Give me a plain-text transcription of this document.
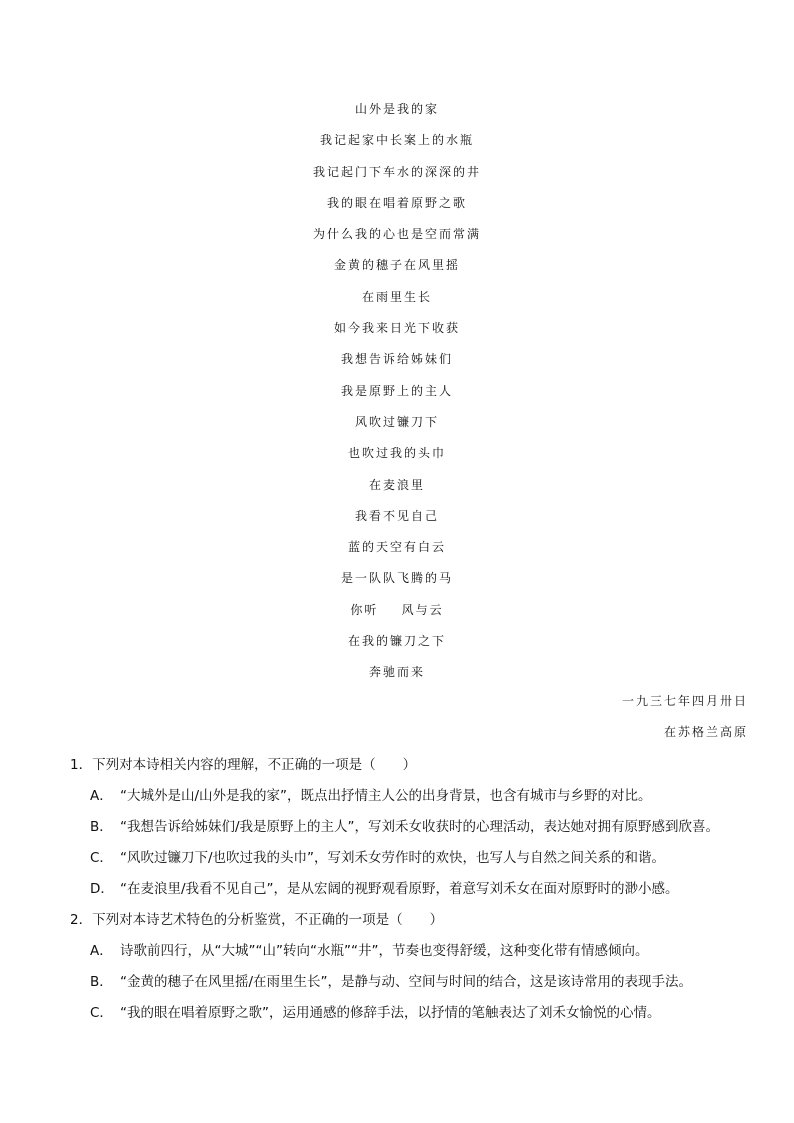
山外是我的家
我记起家中长案上的水瓶
我记起门下车水的深深的井
我的眼在唱着原野之歌
为什么我的心也是空而常满
金黄的穗子在风里摇
在雨里生长
如今我来日光下收获
我想告诉给姊妹们
我是原野上的主人
风吹过镰刀下
也吹过我的头巾
在麦浪里
我看不见自己
蓝的天空有白云
是一队队飞腾的马
你听    风与云
在我的镰刀之下
奔驰而来
一九三七年四月卅日
在苏格兰高原
1．下列对本诗相关内容的理解，不正确的一项是（　　）
A． “大城外是山/山外是我的家”，既点出抒情主人公的出身背景，也含有城市与乡野的对比。
B． “我想告诉给姊妹们/我是原野上的主人”，写刘禾女收获时的心理活动，表达她对拥有原野感到欣喜。
C． “风吹过镰刀下/也吹过我的头巾”，写刘禾女劳作时的欢快，也写人与自然之间关系的和谐。
D． “在麦浪里/我看不见自己”，是从宏阔的视野观看原野，着意写刘禾女在面对原野时的渺小感。
2．下列对本诗艺术特色的分析鉴赏，不正确的一项是（　　）
A． 诗歌前四行，从“大城”“山”转向“水瓶”“井”，节奏也变得舒缓，这种变化带有情感倾向。
B． “金黄的穗子在风里摇/在雨里生长”，是静与动、空间与时间的结合，这是该诗常用的表现手法。
C． “我的眼在唱着原野之歌”，运用通感的修辞手法，以抒情的笔触表达了刘禾女愉悦的心情。
